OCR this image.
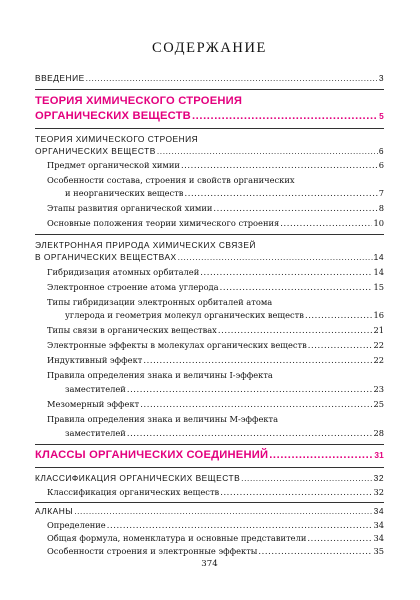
СОДЕРЖАНИЕ
ВВЕДЕНИЕ .....	3
ТЕОРИЯ ХИМИЧЕСКОГО СТРОЕНИЯ
ОРГАНИЧЕСКИХ ВЕЩЕСТВ .....	5
ТЕОРИЯ ХИМИЧЕСКОГО СТРОЕНИЯ
ОРГАНИЧЕСКИХ ВЕЩЕСТВ .....	6
Предмет органической химии .....	6
Особенности состава, строения и свойств органических
и неорганических веществ .....	7
Этапы развития органической химии .....	8
Основные положения теории химического строения .....	10
ЭЛЕКТРОННАЯ ПРИРОДА ХИМИЧЕСКИХ СВЯЗЕЙ
В ОРГАНИЧЕСКИХ ВЕЩЕСТВАХ .....	14
Гибридизация атомных орбиталей .....	14
Электронное строение атома углерода .....	15
Типы гибридизации электронных орбиталей атома
углерода и геометрия молекул органических веществ .....	16
Типы связи в органических веществах .....	21
Электронные эффекты в молекулах органических веществ .....	22
Индуктивный эффект .....	22
Правила определения знака и величины I-эффекта
заместителей .....	23
Мезомерный эффект .....	25
Правила определения знака и величины M-эффекта
заместителей .....	28
КЛАССЫ ОРГАНИЧЕСКИХ СОЕДИНЕНИЙ .....	31
КЛАССИФИКАЦИЯ ОРГАНИЧЕСКИХ ВЕЩЕСТВ .....	32
Классификация органических веществ .....	32
АЛКАНЫ .....	34
Определение .....	34
Общая формула, номенклатура и основные представители .....	34
Особенности строения и электронные эффекты .....	35
374
